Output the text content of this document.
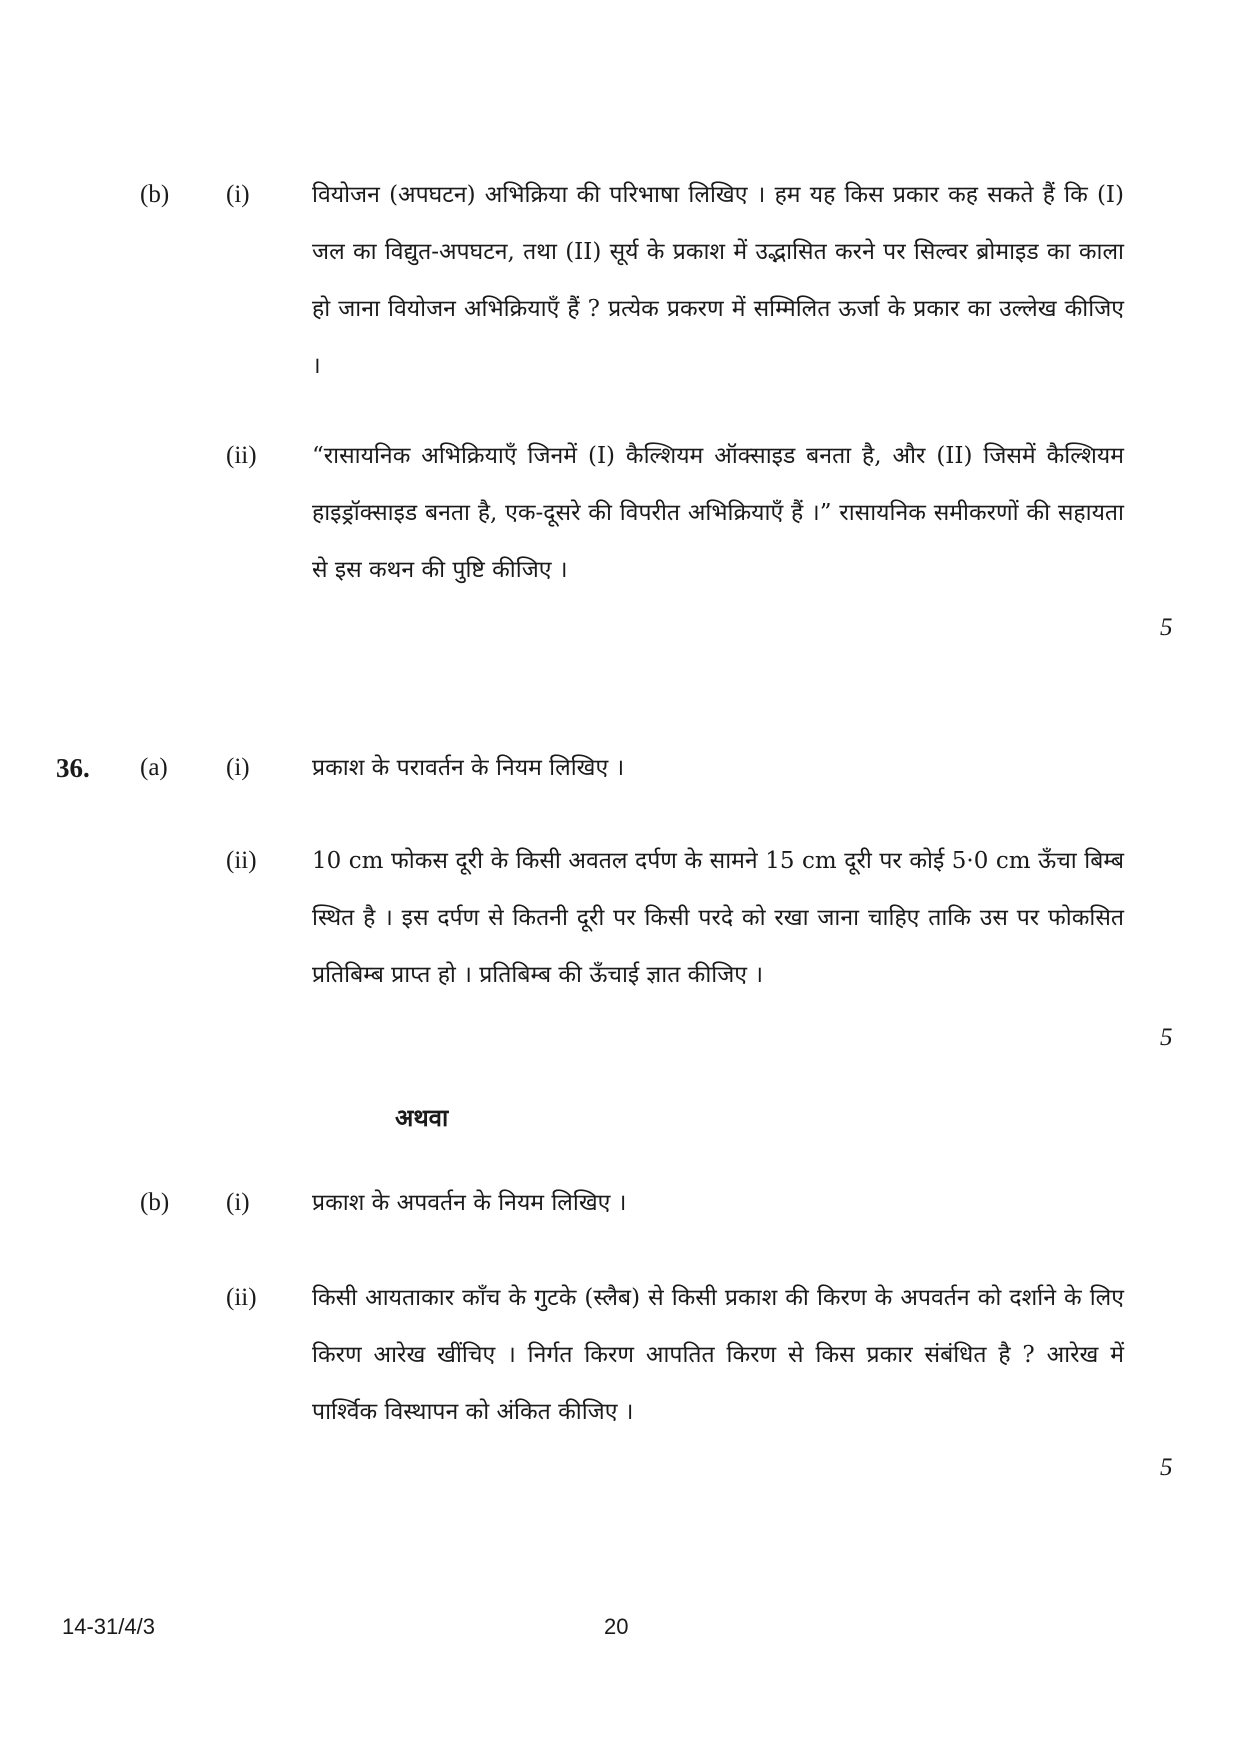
(b) (i)	वियोजन (अपघटन) अभिक्रिया की परिभाषा लिखिए । हम यह किस प्रकार कह सकते हैं कि (I) जल का विद्युत-अपघटन, तथा (II) सूर्य के प्रकाश में उद्भासित करने पर सिल्वर ब्रोमाइड का काला हो जाना वियोजन अभिक्रियाएँ हैं ? प्रत्येक प्रकरण में सम्मिलित ऊर्जा के प्रकार का उल्लेख कीजिए ।
(ii) “रासायनिक अभिक्रियाएँ जिनमें (I) कैल्शियम ऑक्साइड बनता है, और (II) जिसमें कैल्शियम हाइड्रॉक्साइड बनता है, एक-दूसरे की विपरीत अभिक्रियाएँ हैं ।” रासायनिक समीकरणों की सहायता से इस कथन की पुष्टि कीजिए ।
5
36. (a) (i)	प्रकाश के परावर्तन के नियम लिखिए ।
(ii) 10 cm फोकस दूरी के किसी अवतल दर्पण के सामने 15 cm दूरी पर कोई 5·0 cm ऊँचा बिम्ब स्थित है । इस दर्पण से कितनी दूरी पर किसी परदे को रखा जाना चाहिए ताकि उस पर फोकसित प्रतिबिम्ब प्राप्त हो । प्रतिबिम्ब की ऊँचाई ज्ञात कीजिए ।
5
अथवा
(b) (i)	प्रकाश के अपवर्तन के नियम लिखिए ।
(ii) किसी आयताकार काँच के गुटके (स्लैब) से किसी प्रकाश की किरण के अपवर्तन को दर्शाने के लिए किरण आरेख खींचिए । निर्गत किरण आपतित किरण से किस प्रकार संबंधित है ? आरेख में पार्श्विक विस्थापन को अंकित कीजिए ।
5
14-31/4/3	20
